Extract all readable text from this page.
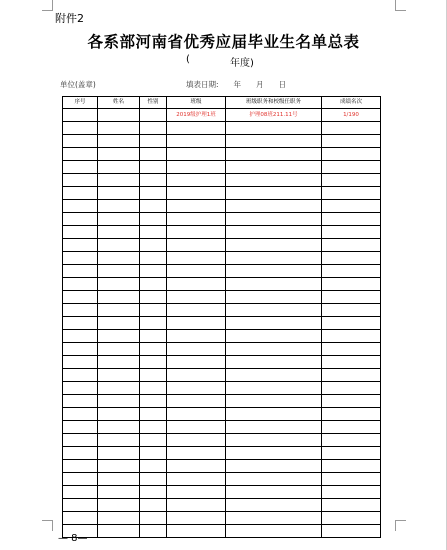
附件2
各系部河南省优秀应届毕业生名单总表
(	年度)
单位(盖章)	填表日期:　　年　　月　　日
序号	姓名	性别	班级	班级职务和校级任职务	成绩名次
			2019级护理1班	护理08班211.11号	1/190

— 8—
